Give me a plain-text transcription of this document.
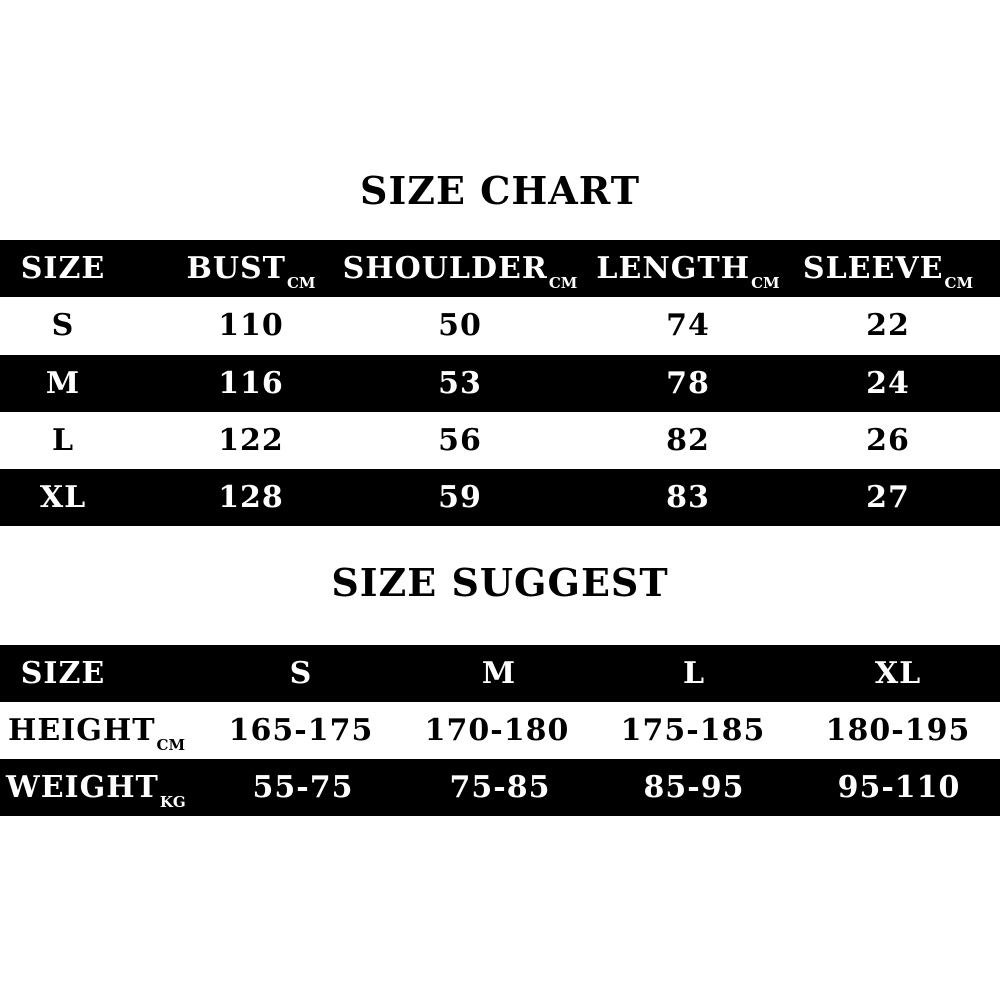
SIZE CHART
SIZE	$BUST_{CM}$ $SHOULDER_{CM}$ $LENGTH_{CM}$ $SLEEVE_{CM}$
S	110	50	74	22
M	116	53	78	24
L	122	56	82	26
XL	128	59	83	27
SIZE SUGGEST
SIZE	S	M	L	XL
$HEIGHT_{CM}$ 165-175 170-180 175-185 180-195
$WEIGHT_{KG}$ 55-75	75-85	85-95	95-110
